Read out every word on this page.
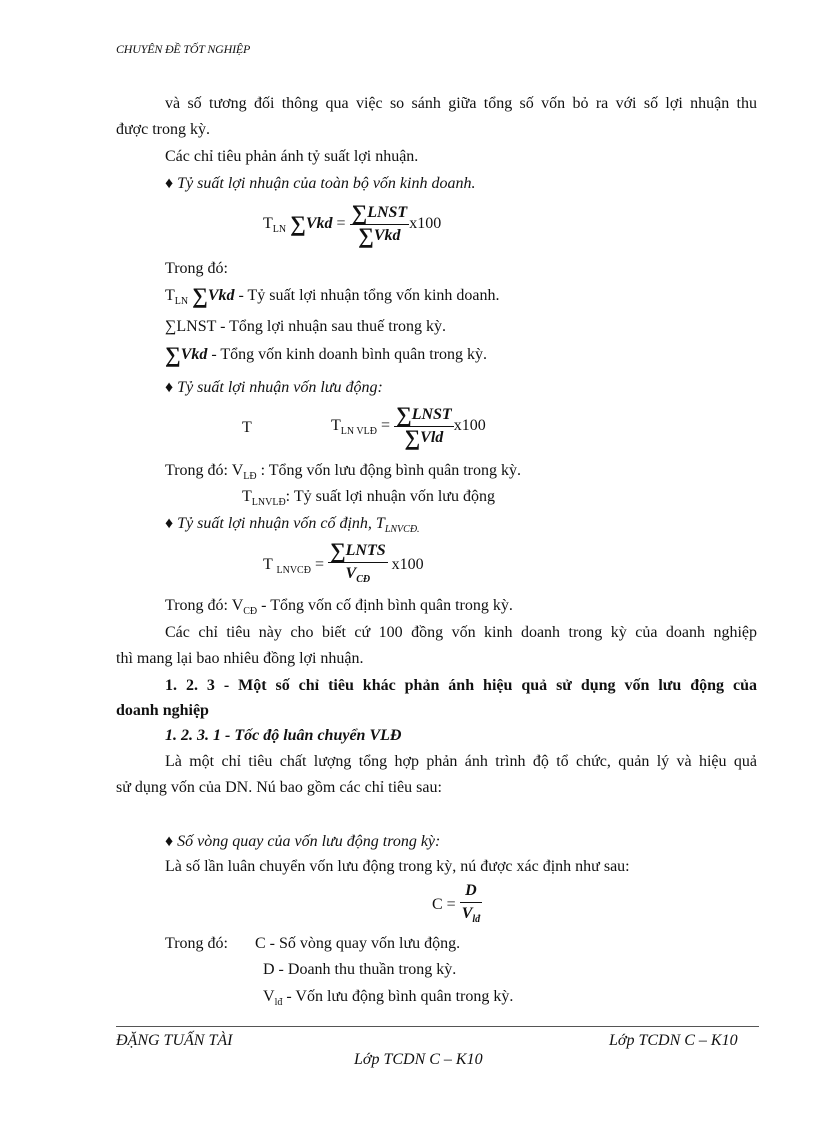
CHUYÊN ĐỀ TỐT NGHIỆP
và số tương đối thông qua việc so sánh giữa tổng số vốn bỏ ra với số lợi nhuận thu
được trong kỳ.
Các chỉ tiêu phản ánh tỷ suất lợi nhuận.
♦ Tỷ suất lợi nhuận của toàn bộ vốn kinh doanh.
$T_{LN}$ $\sum Vkd = \frac{\text{∑LNST}}{\text{∑Vkd}} x100$
Trong đó:
$T_{LN}$ ∑Vkd - Tỷ suất lợi nhuận tổng vốn kinh doanh.
∑LNST - Tổng lợi nhuận sau thuế trong kỳ.
∑Vkd - Tổng vốn kinh doanh bình quân trong kỳ.
♦ Tỷ suất lợi nhuận vốn lưu động:
T	$T_{LN VLĐ} = \frac{\text{∑LNST}}{\text{∑Vld}} x100$
Trong đó: $V_{LĐ}$ : Tổng vốn lưu động bình quân trong kỳ.
$T_{LNVLĐ}$: Tỷ suất lợi nhuận vốn lưu động
♦ Tỷ suất lợi nhuận vốn cố định, $T_{LNVCĐ.}$
T $_{LNVCĐ} = \frac{\text{∑LNTS}}{V_{CĐ}} x100$
Trong đó: $V_{CĐ}$ - Tổng vốn cố định bình quân trong kỳ.
Các chỉ tiêu này cho biết cứ 100 đồng vốn kinh doanh trong kỳ của doanh nghiệp
thì mang lại bao nhiêu đồng lợi nhuận.
1. 2. 3 - Một số chỉ tiêu khác phản ánh hiệu quả sử dụng vốn lưu động của
doanh nghiệp
1. 2. 3. 1 - Tốc độ luân chuyển VLĐ
Là một chỉ tiêu chất lượng tổng hợp phản ánh trình độ tổ chức, quản lý và hiệu quả
sử dụng vốn của DN. Nú bao gồm các chỉ tiêu sau:
♦ Số vòng quay của vốn lưu động trong kỳ:
Là số lần luân chuyển vốn lưu động trong kỳ, nú được xác định như sau:
$C = \frac{D}{V_{lđ}}$
Trong đó: C - Số vòng quay vốn lưu động.
D - Doanh thu thuần trong kỳ.
$V_{lđ}$ - Vốn lưu động bình quân trong kỳ.
ĐẶNG TUẤN TÀI	Lớp TCDN C – K10
Lớp TCDN C – K10
